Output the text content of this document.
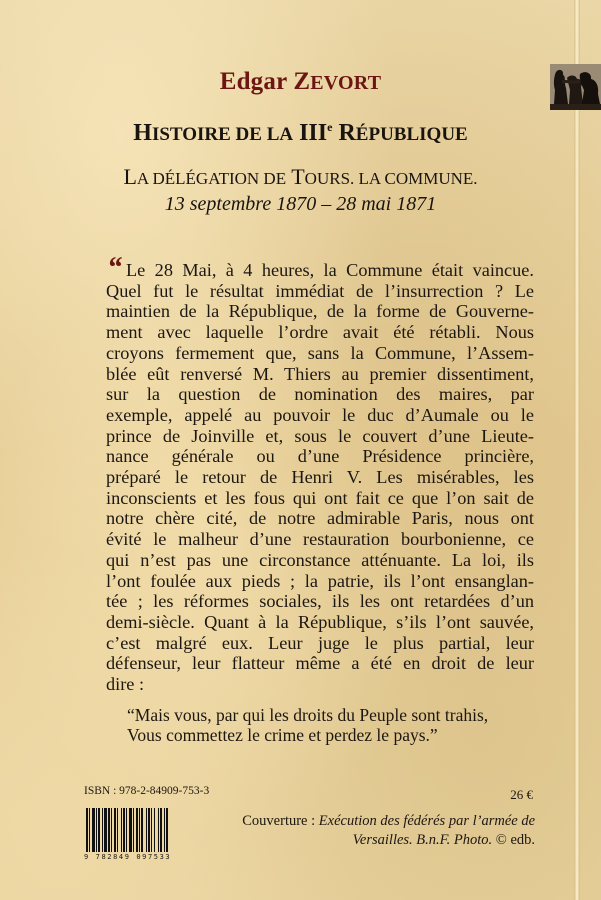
Edgar ZEVORT
HISTOIRE DE LA IIIe RÉPUBLIQUE
LA DÉLÉGATION DE TOURS. LA COMMUNE.
13 septembre 1870 – 28 mai 1871
“ Le 28 Mai, à 4 heures, la Commune était vaincue.
Quel fut le résultat immédiat de l’insurrection ? Le
maintien de la République, de la forme de Gouverne-
ment avec laquelle l’ordre avait été rétabli. Nous
croyons fermement que, sans la Commune, l’Assem-
blée eût renversé M. Thiers au premier dissentiment,
sur la question de nomination des maires, par
exemple, appelé au pouvoir le duc d’Aumale ou le
prince de Joinville et, sous le couvert d’une Lieute-
nance générale ou d’une Présidence princière,
préparé le retour de Henri V. Les misérables, les
inconscients et les fous qui ont fait ce que l’on sait de
notre chère cité, de notre admirable Paris, nous ont
évité le malheur d’une restauration bourbonienne, ce
qui n’est pas une circonstance atténuante. La loi, ils
l’ont foulée aux pieds ; la patrie, ils l’ont ensanglan-
tée ; les réformes sociales, ils les ont retardées d’un
demi-siècle. Quant à la République, s’ils l’ont sauvée,
c’est malgré eux. Leur juge le plus partial, leur
défenseur, leur flatteur même a été en droit de leur
dire :
“Mais vous, par qui les droits du Peuple sont trahis,
Vous commettez le crime et perdez le pays.”
ISBN : 978-2-84909-753-3
9 782849 097533
26 €
Couverture : Exécution des fédérés par l’armée de
Versailles. B.n.F. Photo. © edb.
